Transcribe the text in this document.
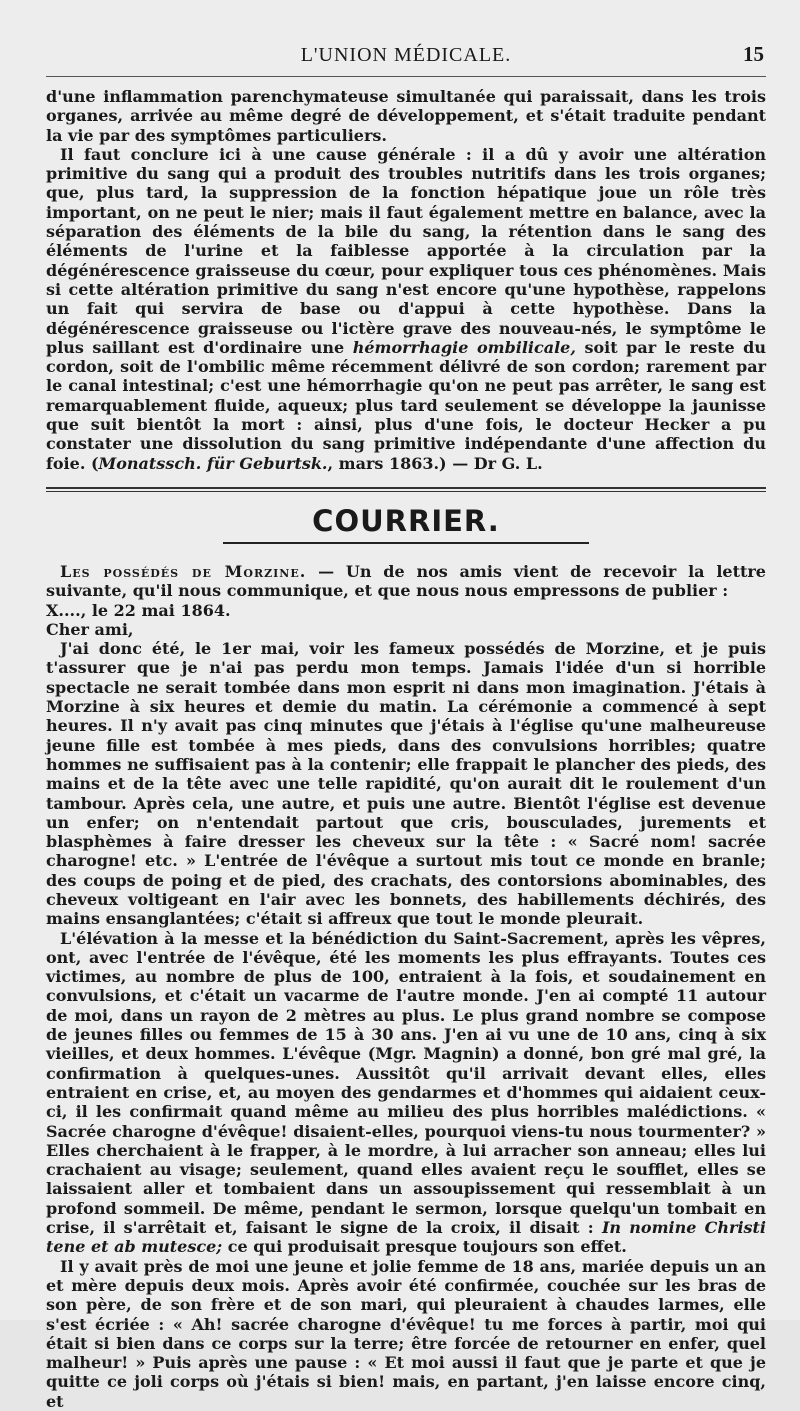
L'UNION MÉDICALE.	15

d'une inflammation parenchymateuse simultanée qui paraissait, dans les trois organes, arrivée au même degré de développement, et s'était traduite pendant la vie par des symptômes particuliers.

Il faut conclure ici à une cause générale : il a dû y avoir une altération primitive du sang qui a produit des troubles nutritifs dans les trois organes; que, plus tard, la suppression de la fonction hépatique joue un rôle très important, on ne peut le nier; mais il faut également mettre en balance, avec la séparation des éléments de la bile du sang, la rétention dans le sang des éléments de l'urine et la faiblesse apportée à la circulation par la dégénérescence graisseuse du cœur, pour expliquer tous ces phénomènes. Mais si cette altération primitive du sang n'est encore qu'une hypothèse, rappelons un fait qui servira de base ou d'appui à cette hypothèse. Dans la dégénérescence graisseuse ou l'ictère grave des nouveau-nés, le symptôme le plus saillant est d'ordinaire une hémorrhagie ombilicale, soit par le reste du cordon, soit de l'ombilic même récemment délivré de son cordon; rarement par le canal intestinal; c'est une hémorrhagie qu'on ne peut pas arrêter, le sang est remarquablement fluide, aqueux; plus tard seulement se développe la jaunisse que suit bientôt la mort : ainsi, plus d'une fois, le docteur Hecker a pu constater une dissolution du sang primitive indépendante d'une affection du foie. (Monatssch. für Geburtsk., mars 1863.) — Dr G. L.

COURRIER.

Les possédés de Morzine. — Un de nos amis vient de recevoir la lettre suivante, qu'il nous communique, et que nous nous empressons de publier :

X...., le 22 mai 1864.

Cher ami,

J'ai donc été, le 1er mai, voir les fameux possédés de Morzine, et je puis t'assurer que je n'ai pas perdu mon temps. Jamais l'idée d'un si horrible spectacle ne serait tombée dans mon esprit ni dans mon imagination. J'étais à Morzine à six heures et demie du matin. La cérémonie a commencé à sept heures. Il n'y avait pas cinq minutes que j'étais à l'église qu'une malheureuse jeune fille est tombée à mes pieds, dans des convulsions horribles; quatre hommes ne suffisaient pas à la contenir; elle frappait le plancher des pieds, des mains et de la tête avec une telle rapidité, qu'on aurait dit le roulement d'un tambour. Après cela, une autre, et puis une autre. Bientôt l'église est devenue un enfer; on n'entendait partout que cris, bousculades, jurements et blasphèmes à faire dresser les cheveux sur la tête : « Sacré nom! sacrée charogne! etc. » L'entrée de l'évêque a surtout mis tout ce monde en branle; des coups de poing et de pied, des crachats, des contorsions abominables, des cheveux voltigeant en l'air avec les bonnets, des habillements déchirés, des mains ensanglantées; c'était si affreux que tout le monde pleurait.

L'élévation à la messe et la bénédiction du Saint-Sacrement, après les vêpres, ont, avec l'entrée de l'évêque, été les moments les plus effrayants. Toutes ces victimes, au nombre de plus de 100, entraient à la fois, et soudainement en convulsions, et c'était un vacarme de l'autre monde. J'en ai compté 11 autour de moi, dans un rayon de 2 mètres au plus. Le plus grand nombre se compose de jeunes filles ou femmes de 15 à 30 ans. J'en ai vu une de 10 ans, cinq à six vieilles, et deux hommes. L'évêque (Mgr. Magnin) a donné, bon gré mal gré, la confirmation à quelques-unes. Aussitôt qu'il arrivait devant elles, elles entraient en crise, et, au moyen des gendarmes et d'hommes qui aidaient ceux-ci, il les confirmait quand même au milieu des plus horribles malédictions. « Sacrée charogne d'évêque! disaient-elles, pourquoi viens-tu nous tourmenter? » Elles cherchaient à le frapper, à le mordre, à lui arracher son anneau; elles lui crachaient au visage; seulement, quand elles avaient reçu le soufflet, elles se laissaient aller et tombaient dans un assoupissement qui ressemblait à un profond sommeil. De même, pendant le sermon, lorsque quelqu'un tombait en crise, il s'arrêtait et, faisant le signe de la croix, il disait : In nomine Christi tene et ab mutesce; ce qui produisait presque toujours son effet.

Il y avait près de moi une jeune et jolie femme de 18 ans, mariée depuis un an et mère depuis deux mois. Après avoir été confirmée, couchée sur les bras de son père, de son frère et de son mari, qui pleuraient à chaudes larmes, elle s'est écriée : « Ah! sacrée charogne d'évêque! tu me forces à partir, moi qui était si bien dans ce corps sur la terre; être forcée de retourner en enfer, quel malheur! » Puis après une pause : « Et moi aussi il faut que je parte et que je quitte ce joli corps où j'étais si bien! mais, en partant, j'en laisse encore cinq, et
